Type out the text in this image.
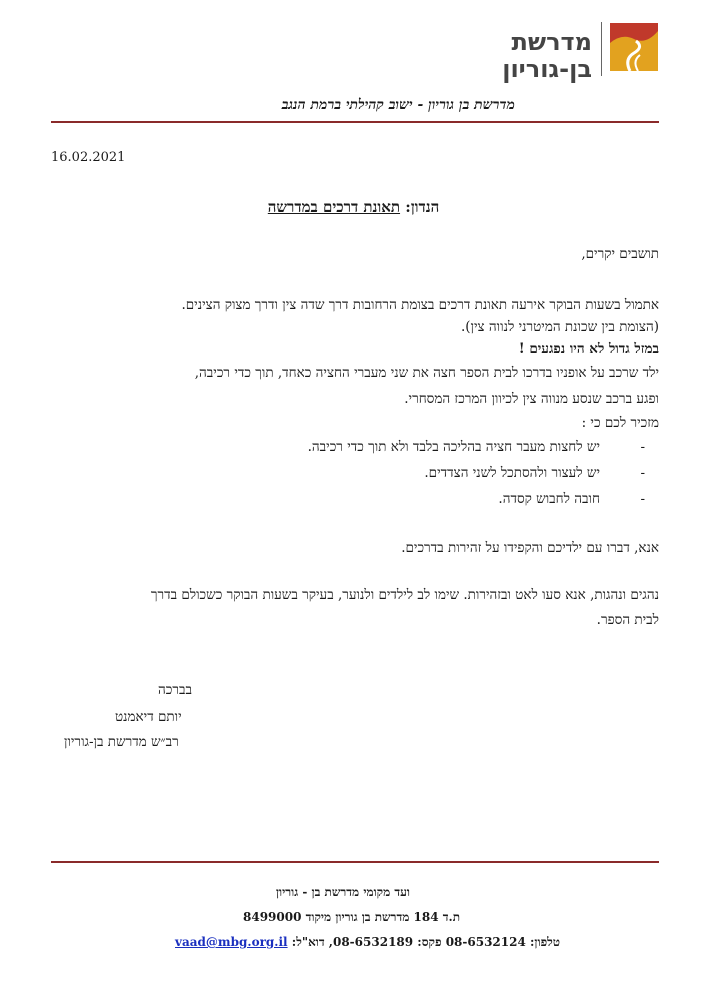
מדרשת
בן-גוריון
מדרשת בן גוריון - ישוב קהילתי ברמת הנגב
16.02.2021
הנדון: תאונת דרכים במדרשה
תושבים יקרים,
אתמול בשעות הבוקר אירעה תאונת דרכים בצומת הרחובות דרך שדה צין ודרך מצוק הצינים.
(הצומת בין שכונת המיטרני לנווה צין).
במזל גדול לא היו נפגעים !
ילד שרכב על אופניו בדרכו לבית הספר חצה את שני מעברי החציה כאחד, תוך כדי רכיבה,
ופגע ברכב שנסע מנווה צין לכיוון המרכז המסחרי.
מזכיר לכם כי :
-
יש לחצות מעבר חציה בהליכה בלבד ולא תוך כדי רכיבה.
-
יש לעצור ולהסתכל לשני הצדדים.
-
חובה לחבוש קסדה.
אנא, דברו עם ילדיכם והקפידו על זהירות בדרכים.
נהגים ונהגות, אנא סעו לאט ובזהירות. שימו לב לילדים ולנוער, בעיקר בשעות הבוקר כשכולם בדרך
לבית הספר.
בברכה
יותם דיאמנט
רב״ש מדרשת בן-גוריון
ועד מקומי מדרשת בן - גוריון
ת.ד 184 מדרשת בן גוריון מיקוד 8499000
טלפון: 08-6532124 פקס: 08-6532189, דוא"ל: vaad@mbg.org.il
